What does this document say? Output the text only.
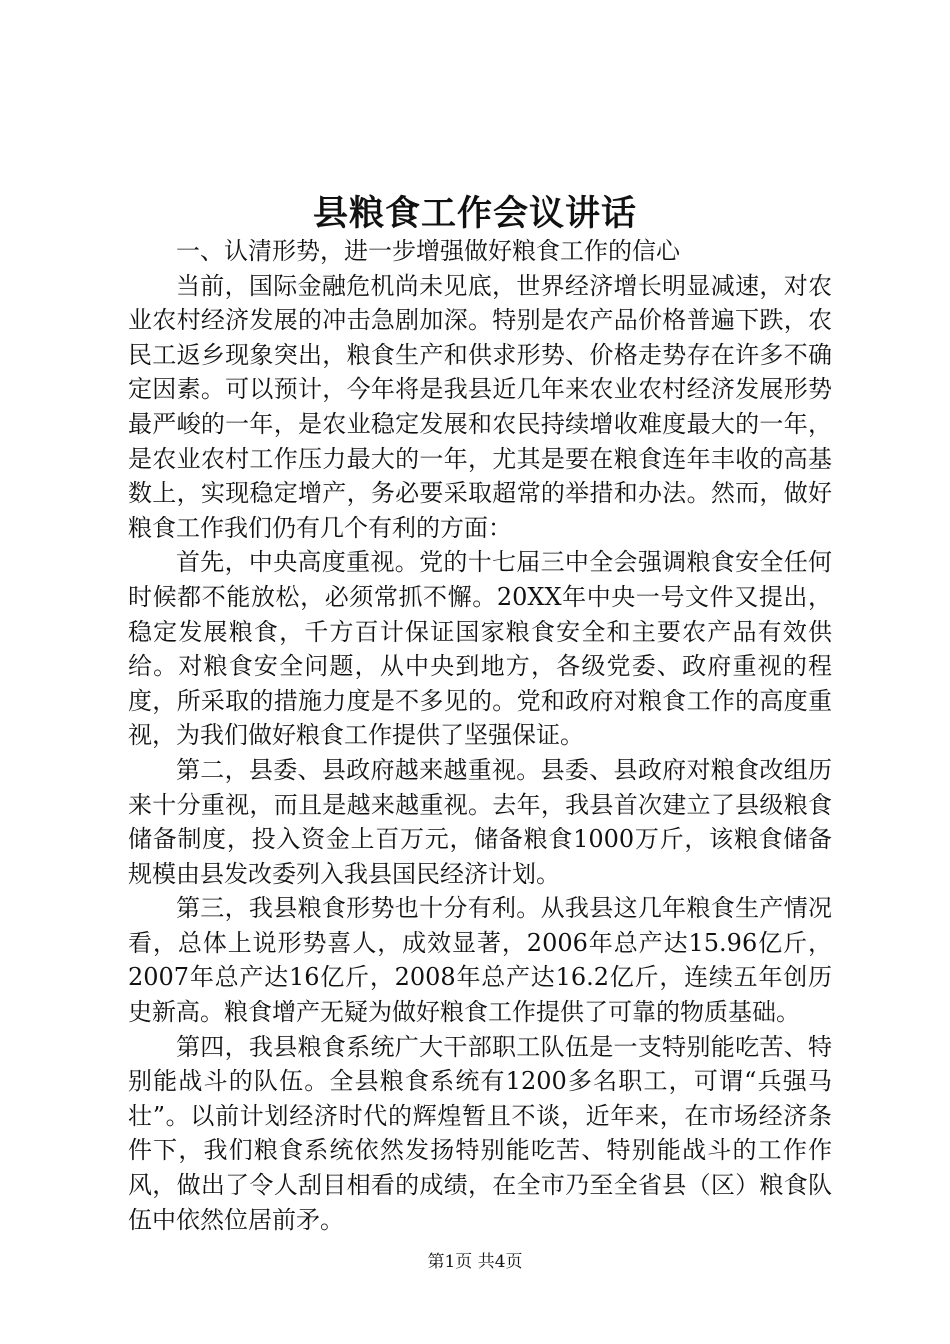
县粮食工作会议讲话

一、认清形势，进一步增强做好粮食工作的信心

当前，国际金融危机尚未见底，世界经济增长明显减速，对农业农村经济发展的冲击急剧加深。特别是农产品价格普遍下跌，农民工返乡现象突出，粮食生产和供求形势、价格走势存在许多不确定因素。可以预计，今年将是我县近几年来农业农村经济发展形势最严峻的一年，是农业稳定发展和农民持续增收难度最大的一年，是农业农村工作压力最大的一年，尤其是要在粮食连年丰收的高基数上，实现稳定增产，务必要采取超常的举措和办法。然而，做好粮食工作我们仍有几个有利的方面：

首先，中央高度重视。党的十七届三中全会强调粮食安全任何时候都不能放松，必须常抓不懈。20XX年中央一号文件又提出，稳定发展粮食，千方百计保证国家粮食安全和主要农产品有效供给。对粮食安全问题，从中央到地方，各级党委、政府重视的程度，所采取的措施力度是不多见的。党和政府对粮食工作的高度重视，为我们做好粮食工作提供了坚强保证。

第二，县委、县政府越来越重视。县委、县政府对粮食改组历来十分重视，而且是越来越重视。去年，我县首次建立了县级粮食储备制度，投入资金上百万元，储备粮食1000万斤，该粮食储备规模由县发改委列入我县国民经济计划。

第三，我县粮食形势也十分有利。从我县这几年粮食生产情况看，总体上说形势喜人，成效显著，2006年总产达15.96亿斤，2007年总产达16亿斤，2008年总产达16.2亿斤，连续五年创历史新高。粮食增产无疑为做好粮食工作提供了可靠的物质基础。

第四，我县粮食系统广大干部职工队伍是一支特别能吃苦、特别能战斗的队伍。全县粮食系统有1200多名职工，可谓“兵强马壮”。以前计划经济时代的辉煌暂且不谈，近年来，在市场经济条件下，我们粮食系统依然发扬特别能吃苦、特别能战斗的工作作风，做出了令人刮目相看的成绩，在全市乃至全省县（区）粮食队伍中依然位居前矛。

第1页 共4页
